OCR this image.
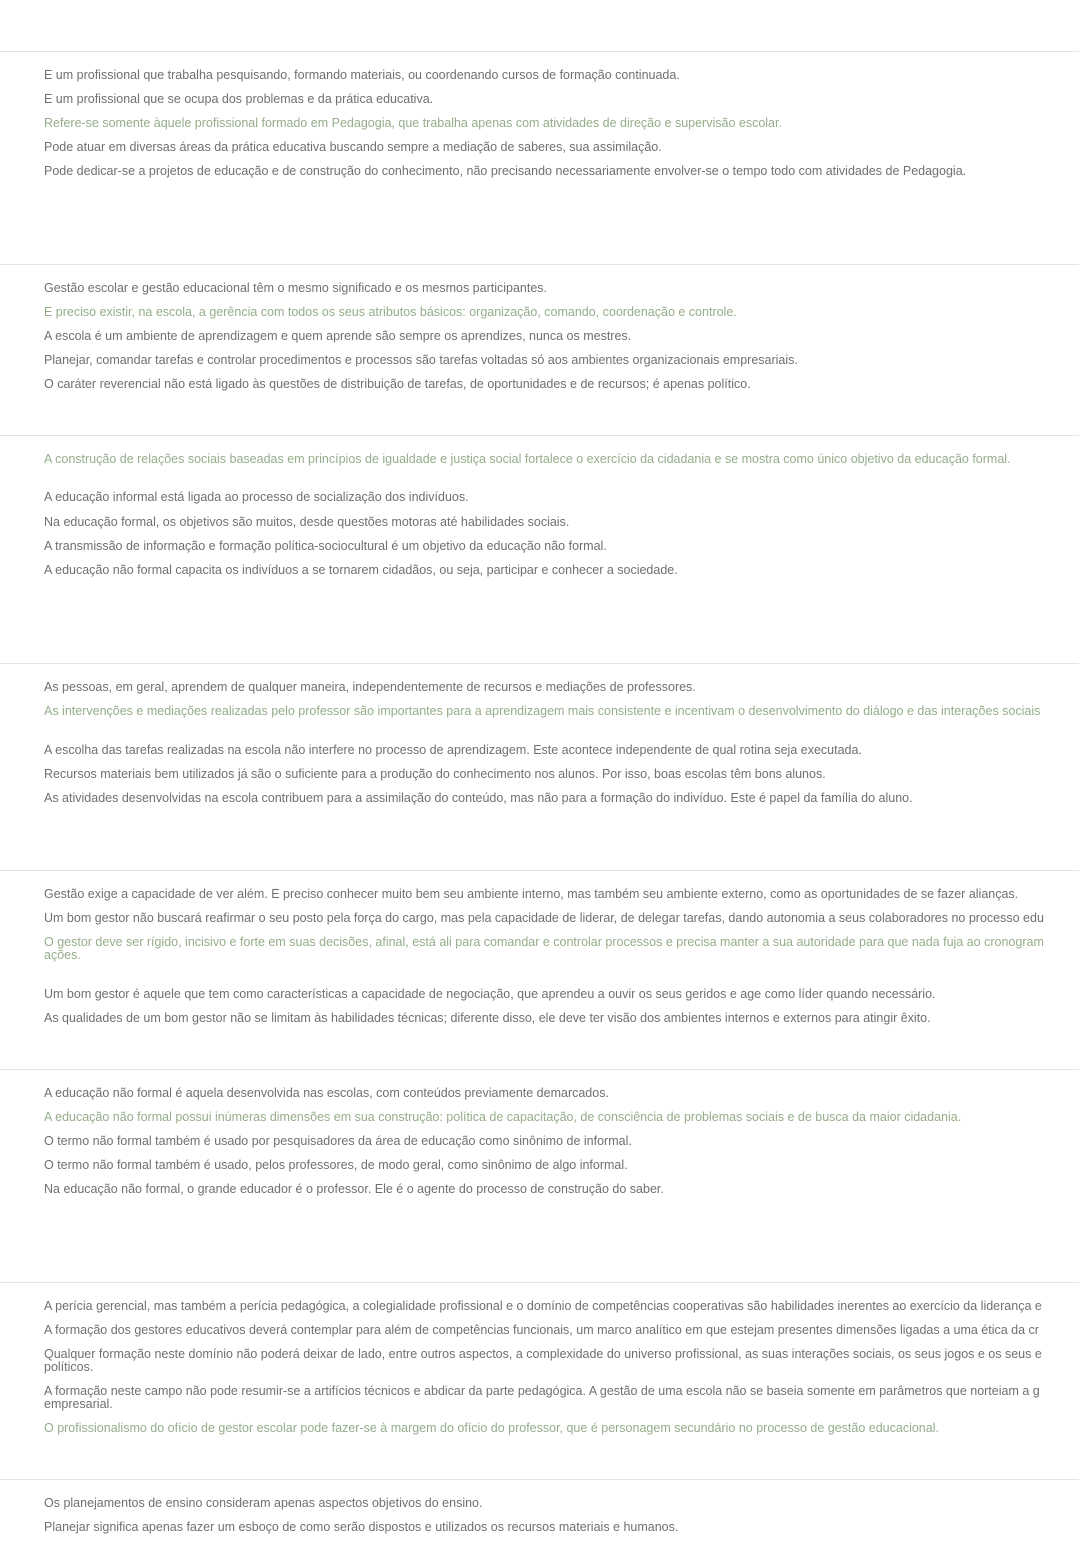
É um profissional que trabalha pesquisando, formando materiais, ou coordenando cursos de formação continuada.
É um profissional que se ocupa dos problemas e da prática educativa.
Refere-se somente àquele profissional formado em Pedagogia, que trabalha apenas com atividades de direção e supervisão escolar.
Pode atuar em diversas áreas da prática educativa buscando sempre a mediação de saberes, sua assimilação.
Pode dedicar-se a projetos de educação e de construção do conhecimento, não precisando necessariamente envolver-se o tempo todo com atividades de Pedagogia.
Gestão escolar e gestão educacional têm o mesmo significado e os mesmos participantes.
É preciso existir, na escola, a gerência com todos os seus atributos básicos: organização, comando, coordenação e controle.
A escola é um ambiente de aprendizagem e quem aprende são sempre os aprendizes, nunca os mestres.
Planejar, comandar tarefas e controlar procedimentos e processos são tarefas voltadas só aos ambientes organizacionais empresariais.
O caráter reverencial não está ligado às questões de distribuição de tarefas, de oportunidades e de recursos; é apenas político.
A construção de relações sociais baseadas em princípios de igualdade e justiça social fortalece o exercício da cidadania e se mostra como único objetivo da educação formal.
A educação informal está ligada ao processo de socialização dos indivíduos.
Na educação formal, os objetivos são muitos, desde questões motoras até habilidades sociais.
A transmissão de informação e formação política-sociocultural é um objetivo da educação não formal.
A educação não formal capacita os indivíduos a se tornarem cidadãos, ou seja, participar e conhecer a sociedade.
As pessoas, em geral, aprendem de qualquer maneira, independentemente de recursos e mediações de professores.
As intervenções e mediações realizadas pelo professor são importantes para a aprendizagem mais consistente e incentivam o desenvolvimento do diálogo e das interações sociais
A escolha das tarefas realizadas na escola não interfere no processo de aprendizagem. Este acontece independente de qual rotina seja executada.
Recursos materiais bem utilizados já são o suficiente para a produção do conhecimento nos alunos. Por isso, boas escolas têm bons alunos.
As atividades desenvolvidas na escola contribuem para a assimilação do conteúdo, mas não para a formação do indivíduo. Este é papel da família do aluno.
Gestão exige a capacidade de ver além. É preciso conhecer muito bem seu ambiente interno, mas também seu ambiente externo, como as oportunidades de se fazer alianças.
Um bom gestor não buscará reafirmar o seu posto pela força do cargo, mas pela capacidade de liderar, de delegar tarefas, dando autonomia a seus colaboradores no processo edu
O gestor deve ser rígido, incisivo e forte em suas decisões, afinal, está ali para comandar e controlar processos e precisa manter a sua autoridade para que nada fuja ao cronogram
ações.
Um bom gestor é aquele que tem como características a capacidade de negociação, que aprendeu a ouvir os seus geridos e age como líder quando necessário.
As qualidades de um bom gestor não se limitam às habilidades técnicas; diferente disso, ele deve ter visão dos ambientes internos e externos para atingir êxito.
A educação não formal é aquela desenvolvida nas escolas, com conteúdos previamente demarcados.
A educação não formal possui inúmeras dimensões em sua construção: política de capacitação, de consciência de problemas sociais e de busca da maior cidadania.
O termo não formal também é usado por pesquisadores da área de educação como sinônimo de informal.
O termo não formal também é usado, pelos professores, de modo geral, como sinônimo de algo informal.
Na educação não formal, o grande educador é o professor. Ele é o agente do processo de construção do saber.
A perícia gerencial, mas também a perícia pedagógica, a colegialidade profissional e o domínio de competências cooperativas são habilidades inerentes ao exercício da liderança e
A formação dos gestores educativos deverá contemplar para além de competências funcionais, um marco analítico em que estejam presentes dimensões ligadas a uma ética da cr
Qualquer formação neste domínio não poderá deixar de lado, entre outros aspectos, a complexidade do universo profissional, as suas interações sociais, os seus jogos e os seus e
políticos.
A formação neste campo não pode resumir-se a artifícios técnicos e abdicar da parte pedagógica. A gestão de uma escola não se baseia somente em parâmetros que norteiam a g
empresarial.
O profissionalismo do ofício de gestor escolar pode fazer-se à margem do ofício do professor, que é personagem secundário no processo de gestão educacional.
Os planejamentos de ensino consideram apenas aspectos objetivos do ensino.
Planejar significa apenas fazer um esboço de como serão dispostos e utilizados os recursos materiais e humanos.
